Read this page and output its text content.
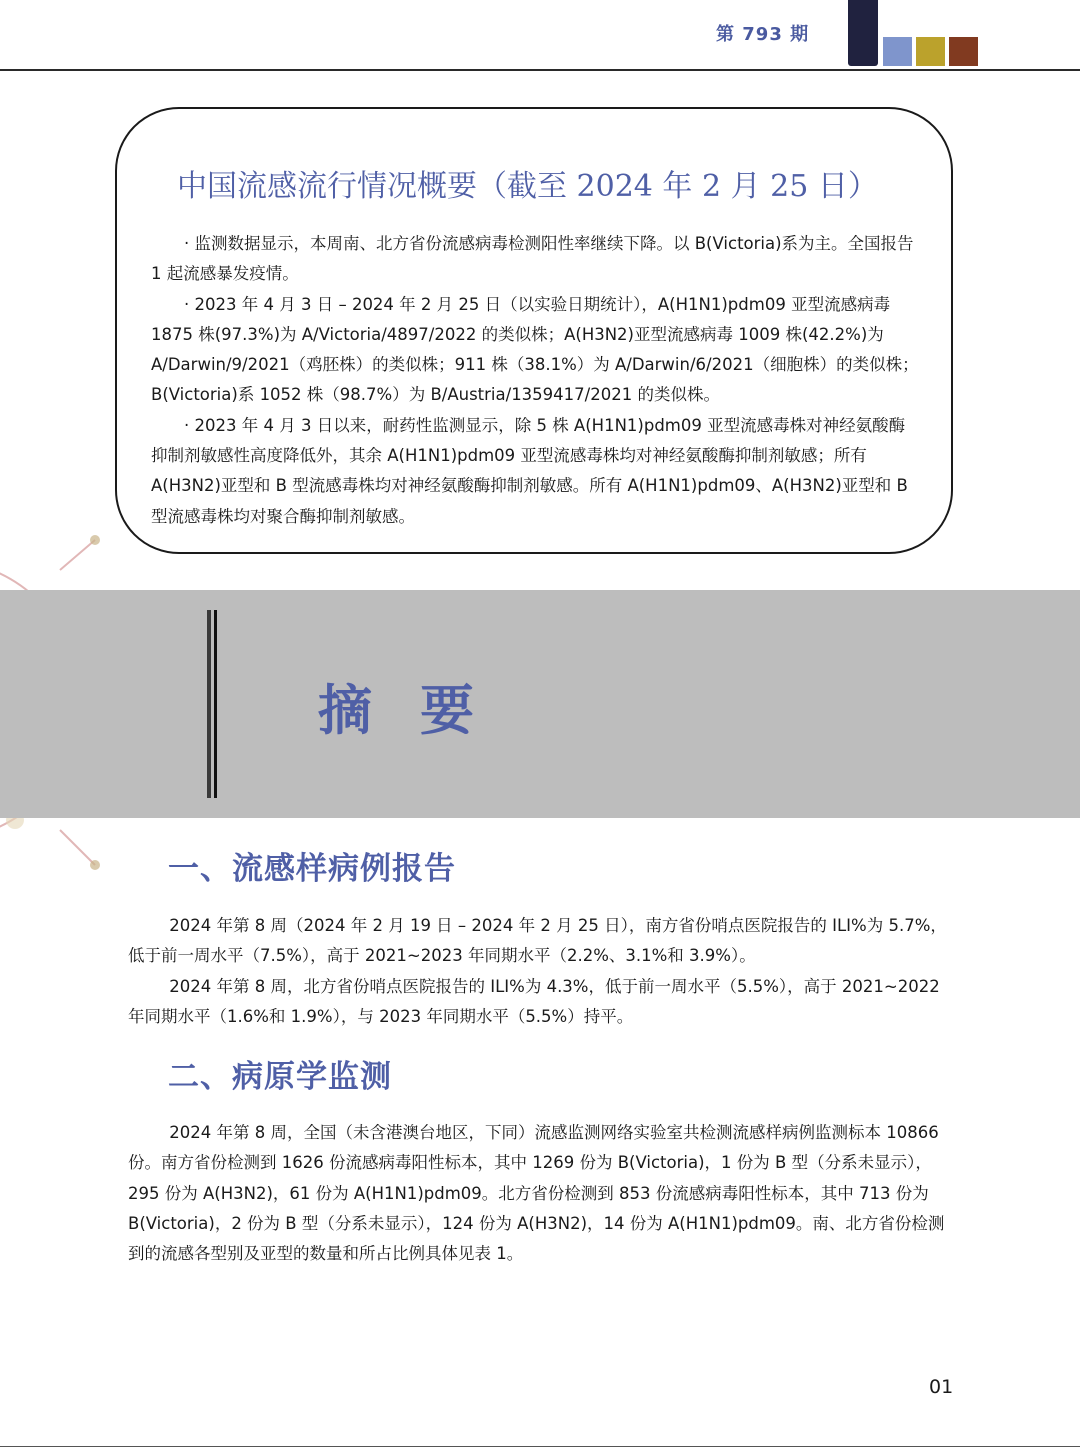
第 793 期
中国流感流行情况概要（截至 2024 年 2 月 25 日）

· 监测数据显示，本周南、北方省份流感病毒检测阳性率继续下降。以 B(Victoria)系为主。全国报告 1 起流感暴发疫情。

· 2023 年 4 月 3 日 – 2024 年 2 月 25 日（以实验日期统计），A(H1N1)pdm09 亚型流感病毒 1875 株(97.3%)为 A/Victoria/4897/2022 的类似株；A(H3N2)亚型流感病毒 1009 株(42.2%)为 A/Darwin/9/2021（鸡胚株）的类似株；911 株（38.1%）为 A/Darwin/6/2021（细胞株）的类似株；B(Victoria)系 1052 株（98.7%）为 B/Austria/1359417/2021 的类似株。

· 2023 年 4 月 3 日以来，耐药性监测显示，除 5 株 A(H1N1)pdm09 亚型流感毒株对神经氨酸酶抑制剂敏感性高度降低外，其余 A(H1N1)pdm09 亚型流感毒株均对神经氨酸酶抑制剂敏感；所有 A(H3N2)亚型和 B 型流感毒株均对神经氨酸酶抑制剂敏感。所有 A(H1N1)pdm09、A(H3N2)亚型和 B 型流感毒株均对聚合酶抑制剂敏感。

摘要
一、流感样病例报告

2024 年第 8 周（2024 年 2 月 19 日 – 2024 年 2 月 25 日），南方省份哨点医院报告的 ILI%为 5.7%，低于前一周水平（7.5%），高于 2021~2023 年同期水平（2.2%、3.1%和 3.9%）。

2024 年第 8 周，北方省份哨点医院报告的 ILI%为 4.3%，低于前一周水平（5.5%），高于 2021~2022 年同期水平（1.6%和 1.9%），与 2023 年同期水平（5.5%）持平。

二、病原学监测

2024 年第 8 周，全国（未含港澳台地区，下同）流感监测网络实验室共检测流感样病例监测标本 10866 份。南方省份检测到 1626 份流感病毒阳性标本，其中 1269 份为 B(Victoria)，1 份为 B 型（分系未显示），295 份为 A(H3N2)，61 份为 A(H1N1)pdm09。北方省份检测到 853 份流感病毒阳性标本，其中 713 份为 B(Victoria)，2 份为 B 型（分系未显示），124 份为 A(H3N2)，14 份为 A(H1N1)pdm09。南、北方省份检测到的流感各型别及亚型的数量和所占比例具体见表 1。

01
